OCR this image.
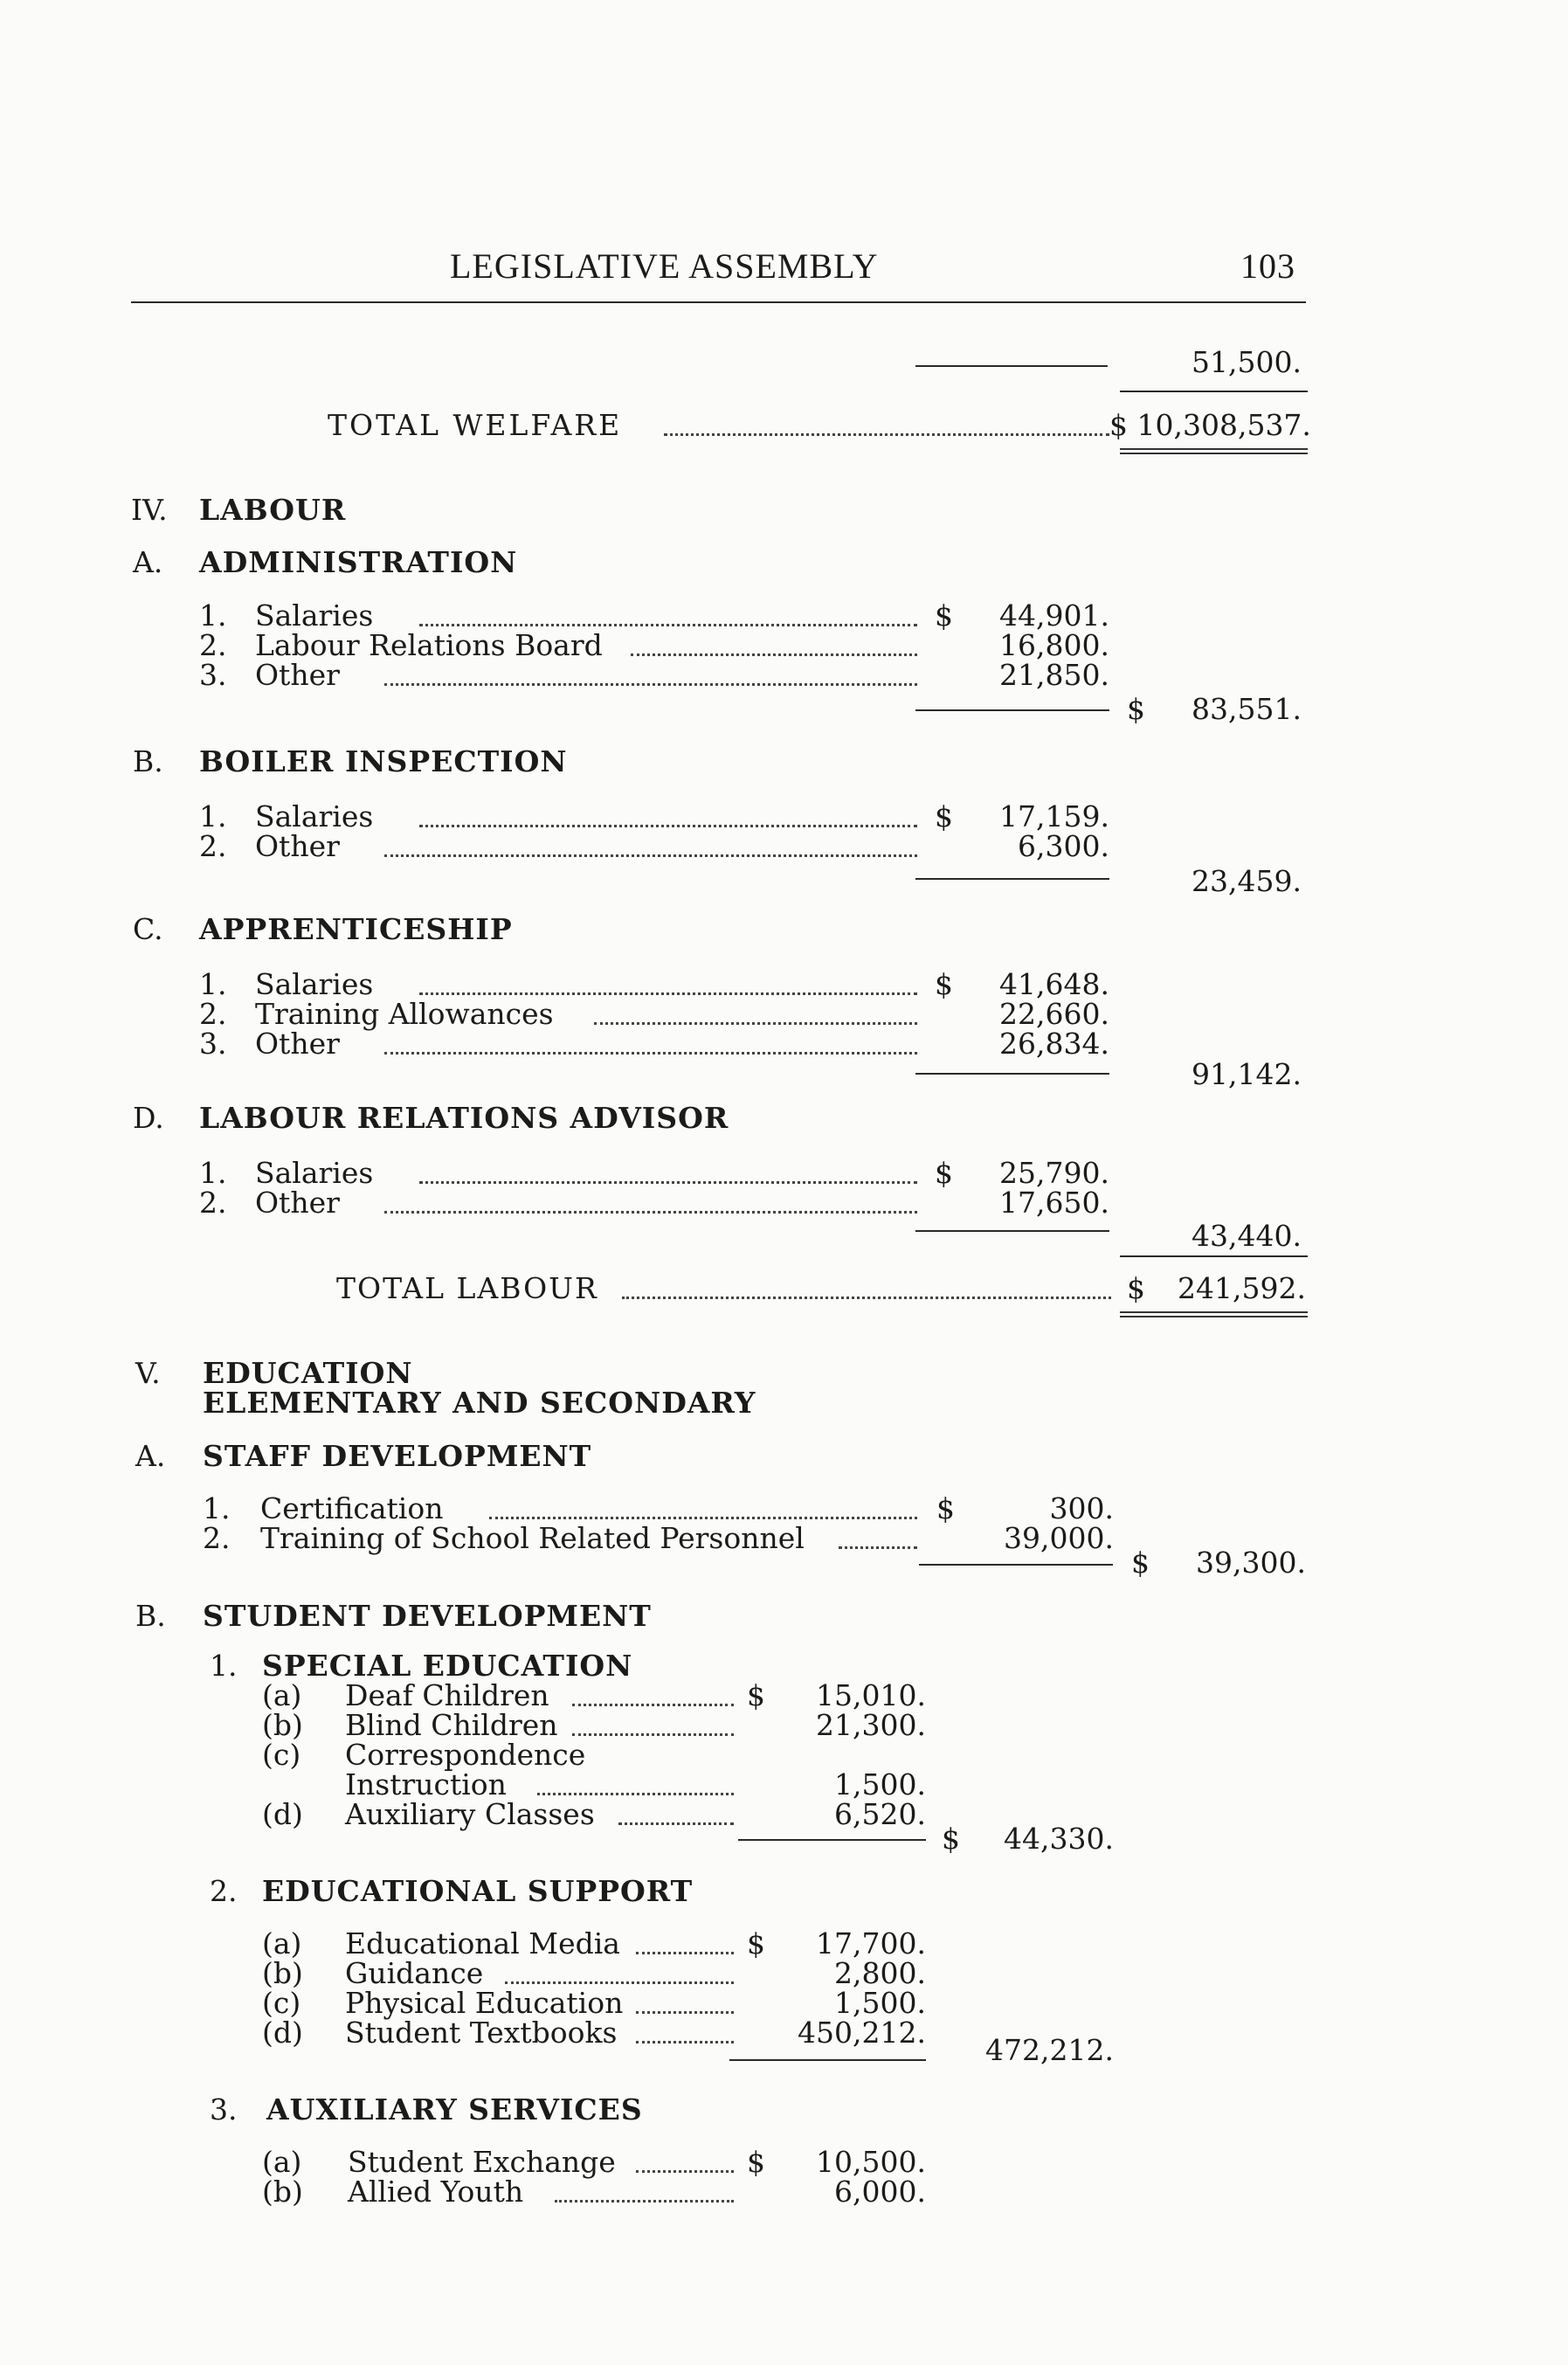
LEGISLATIVE ASSEMBLY	103
51,500.
TOTAL WELFARE	$ 10,308,537.
IV. LABOUR
A. ADMINISTRATION
1. Salaries	$	44,901.
2. Labour Relations Board	16,800.
3. Other	21,850.
$	83,551.
B. BOILER INSPECTION
1. Salaries	$	17,159.
2. Other	6,300.
23,459.
C. APPRENTICESHIP
1. Salaries	$	41,648.
2. Training Allowances	22,660.
3. Other	26,834.
91,142.
D. LABOUR RELATIONS ADVISOR
1. Salaries	$	25,790.
2. Other	17,650.
43,440.
TOTAL LABOUR	$	241,592.
V. EDUCATION
ELEMENTARY AND SECONDARY
A. STAFF DEVELOPMENT
1. Certification	$	300.
2. Training of School Related Personnel	39,000.
$	39,300.
B. STUDENT DEVELOPMENT
1. SPECIAL EDUCATION
(a) Deaf Children	$	15,010.
(b) Blind Children	21,300.
(c) Correspondence
Instruction	1,500.
(d) Auxiliary Classes	6,520.
$	44,330.
2. EDUCATIONAL SUPPORT
(a) Educational Media	$	17,700.
(b) Guidance	2,800.
(c) Physical Education	1,500.
(d) Student Textbooks	450,212.
472,212.
3. AUXILIARY SERVICES
(a) Student Exchange	$	10,500.
(b) Allied Youth	6,000.
